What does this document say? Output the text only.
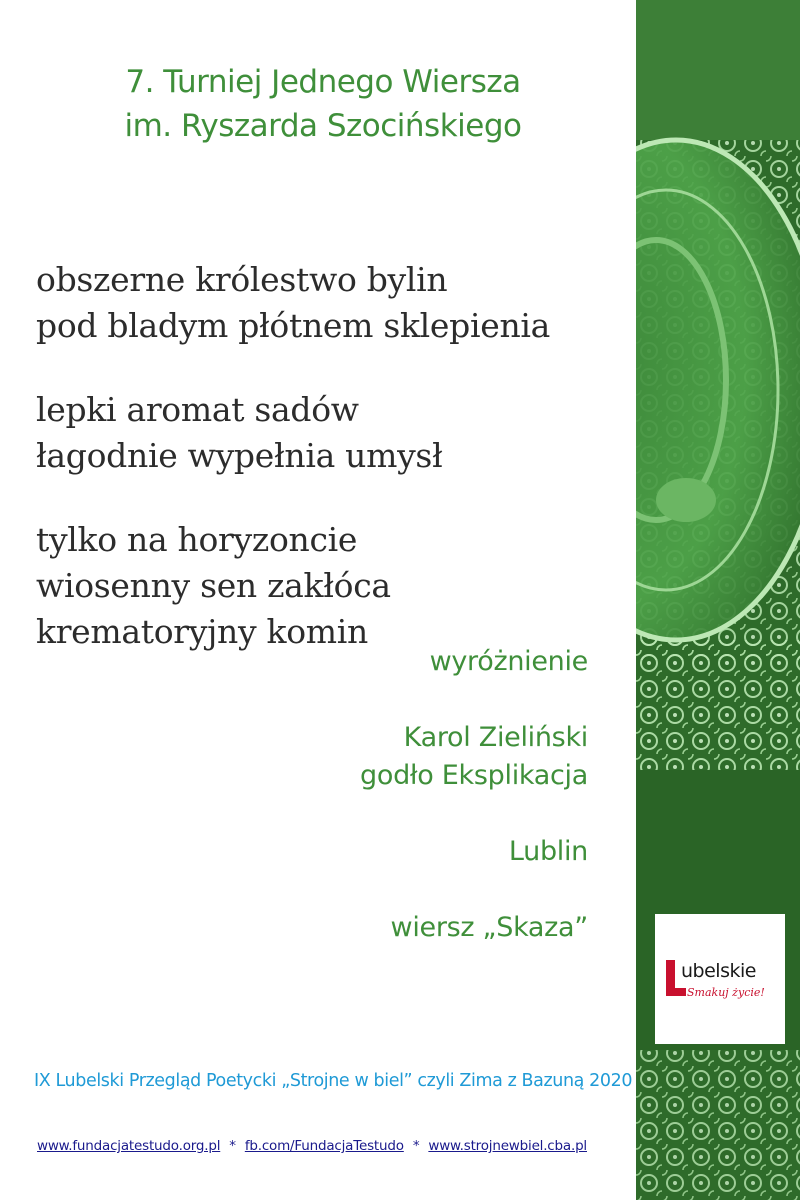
7. Turniej Jednego Wiersza
im. Ryszarda Szocińskiego
obszerne królestwo bylin
pod bladym płótnem sklepienia
lepki aromat sadów
łagodnie wypełnia umysł
tylko na horyzoncie
wiosenny sen zakłóca
krematoryjny komin
wyróżnienie
Karol Zieliński
godło Eksplikacja
Lublin
wiersz „Skaza”
IX Lubelski Przegląd Poetycki „Strojne w biel” czyli Zima z Bazuną 2020
www.fundacjatestudo.org.pl * fb.com/FundacjaTestudo * www.strojnewbiel.cba.pl
ubelskie
Smakuj życie!
